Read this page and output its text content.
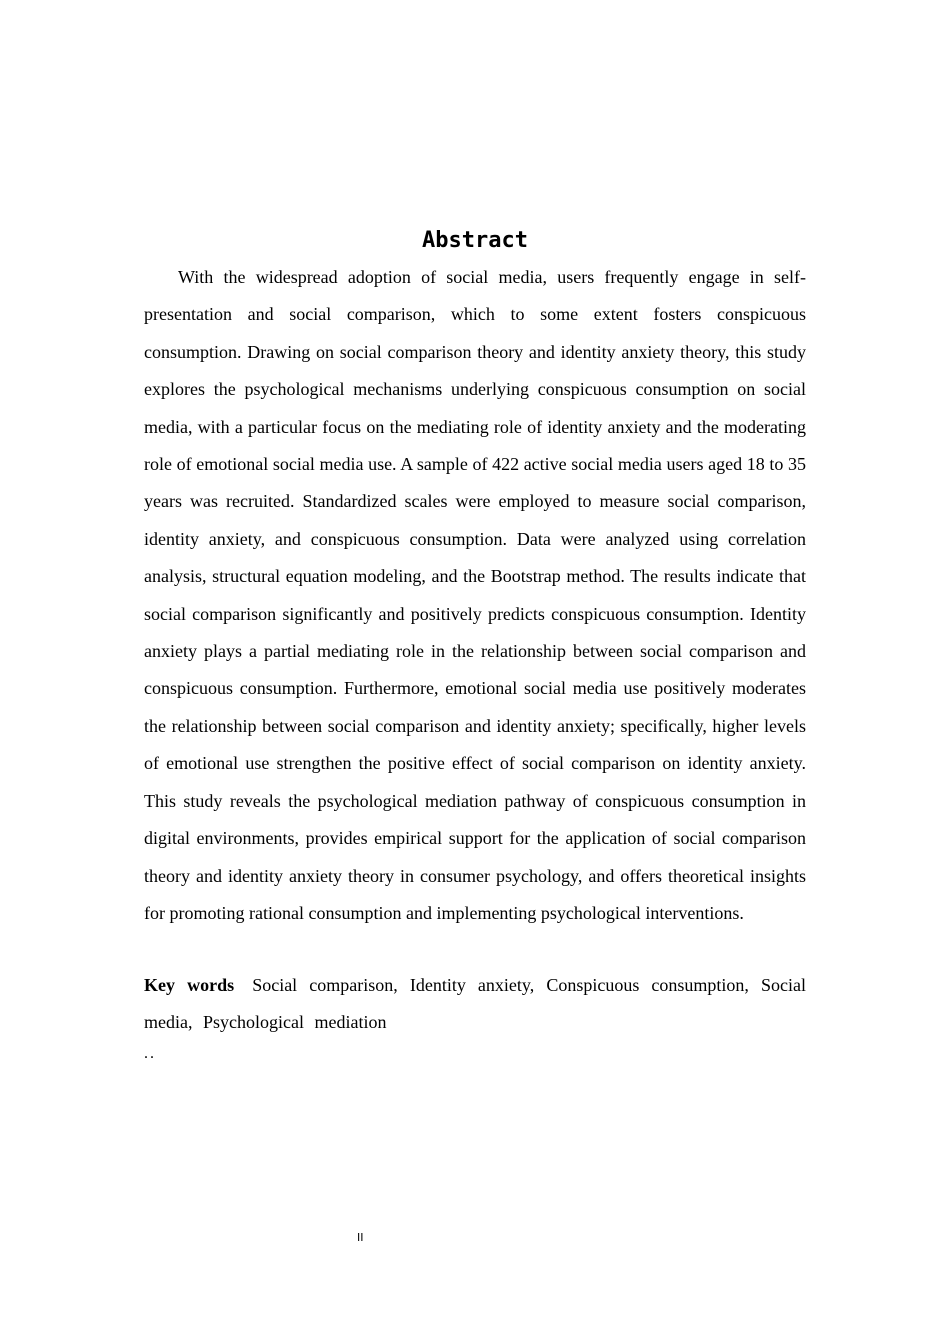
Abstract

With the widespread adoption of social media, users frequently engage in self-presentation and social comparison, which to some extent fosters conspicuous consumption. Drawing on social comparison theory and identity anxiety theory, this study explores the psychological mechanisms underlying conspicuous consumption on social media, with a particular focus on the mediating role of identity anxiety and the moderating role of emotional social media use. A sample of 422 active social media users aged 18 to 35 years was recruited. Standardized scales were employed to measure social comparison, identity anxiety, and conspicuous consumption. Data were analyzed using correlation analysis, structural equation modeling, and the Bootstrap method. The results indicate that social comparison significantly and positively predicts conspicuous consumption. Identity anxiety plays a partial mediating role in the relationship between social comparison and conspicuous consumption. Furthermore, emotional social media use positively moderates the relationship between social comparison and identity anxiety; specifically, higher levels of emotional use strengthen the positive effect of social comparison on identity anxiety. This study reveals the psychological mediation pathway of conspicuous consumption in digital environments, provides empirical support for the application of social comparison theory and identity anxiety theory in consumer psychology, and offers theoretical insights for promoting rational consumption and implementing psychological interventions.

Key words Social comparison, Identity anxiety, Conspicuous consumption, Social media, Psychological mediation

..
II
